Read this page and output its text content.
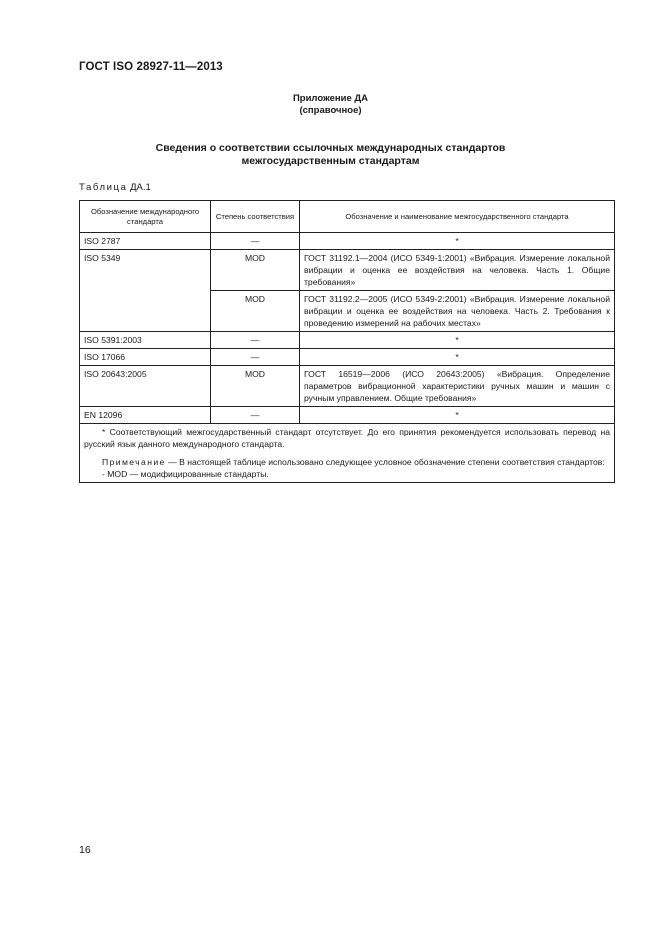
ГОСТ ISO 28927-11—2013
Приложение ДА
(справочное)
Сведения о соответствии ссылочных международных стандартов
межгосударственным стандартам
Таблица ДА.1
Обозначение международного стандарта	Степень соответствия	Обозначение и наименование межгосударственного стандарта
ISO 2787	—	*
ISO 5349	MOD	ГОСТ 31192.1—2004 (ИСО 5349-1:2001) «Вибрация. Измерение локальной вибрации и оценка ее воздействия на человека. Часть 1. Общие требования»
	MOD	ГОСТ 31192.2—2005 (ИСО 5349-2:2001) «Вибрация. Измерение локальной вибрации и оценка ее воздействия на человека. Часть 2. Требования к проведению измерений на рабочих местах»
ISO 5391:2003	—	*
ISO 17066	—	*
ISO 20643:2005	MOD	ГОСТ 16519—2006 (ИСО 20643:2005) «Вибрация. Определение параметров вибрационной характеристики ручных машин и машин с ручным управлением. Общие требования»
EN 12096	—	*

* Соответствующий межгосударственный стандарт отсутствует. До его принятия рекомендуется использовать перевод на русский язык данного международного стандарта.

Примечание — В настоящей таблице использовано следующее условное обозначение степени соответствия стандартов:

- MOD — модифицированные стандарты.		

16
